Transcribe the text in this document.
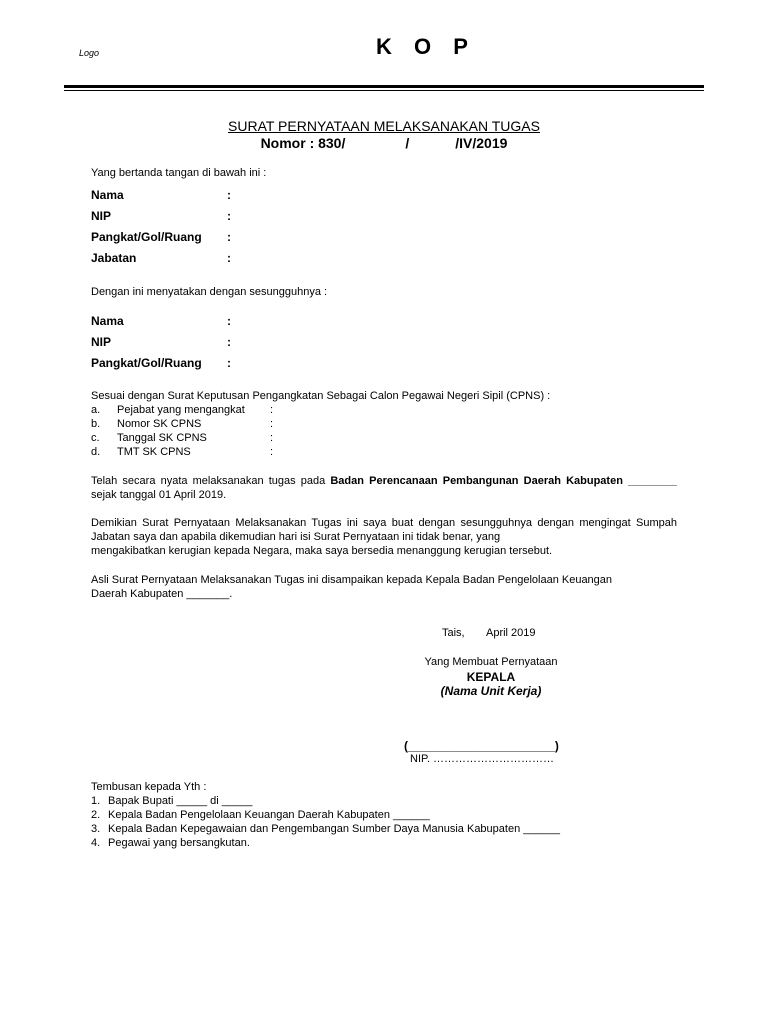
Logo	K O P
SURAT PERNYATAAN MELAKSANAKAN TUGAS
Nomor : 830/	/	/IV/2019
Yang bertanda tangan di bawah ini :
Nama	:
NIP	:
Pangkat/Gol/Ruang :
Jabatan	:
Dengan ini menyatakan dengan sesungguhnya :
Nama	:
NIP	:
Pangkat/Gol/Ruang :
Sesuai dengan Surat Keputusan Pengangkatan Sebagai Calon Pegawai Negeri Sipil (CPNS) :
a. Pejabat yang mengangkat :
b. Nomor SK CPNS	:
c. Tanggal SK CPNS	:
d. TMT SK CPNS	:
Telah secara nyata melaksanakan tugas pada Badan Perencanaan Pembangunan Daerah Kabupaten ________ sejak tanggal 01 April 2019.
Demikian Surat Pernyataan Melaksanakan Tugas ini saya buat dengan sesungguhnya dengan mengingat Sumpah Jabatan saya dan apabila dikemudian hari isi Surat Pernyataan ini tidak benar, yang
mengakibatkan kerugian kepada Negara, maka saya bersedia menanggung kerugian tersebut.
Asli Surat Pernyataan Melaksanakan Tugas ini disampaikan kepada Kepala Badan Pengelolaan Keuangan
Daerah Kabupaten _______.
Tais, April 2019
Yang Membuat Pernyataan
KEPALA
(Nama Unit Kerja)
(______________________)
NIP. ……………………………
Tembusan kepada Yth :
1. Bapak Bupati _____ di _____
2. Kepala Badan Pengelolaan Keuangan Daerah Kabupaten ______
3. Kepala Badan Kepegawaian dan Pengembangan Sumber Daya Manusia Kabupaten ______
4. Pegawai yang bersangkutan.
